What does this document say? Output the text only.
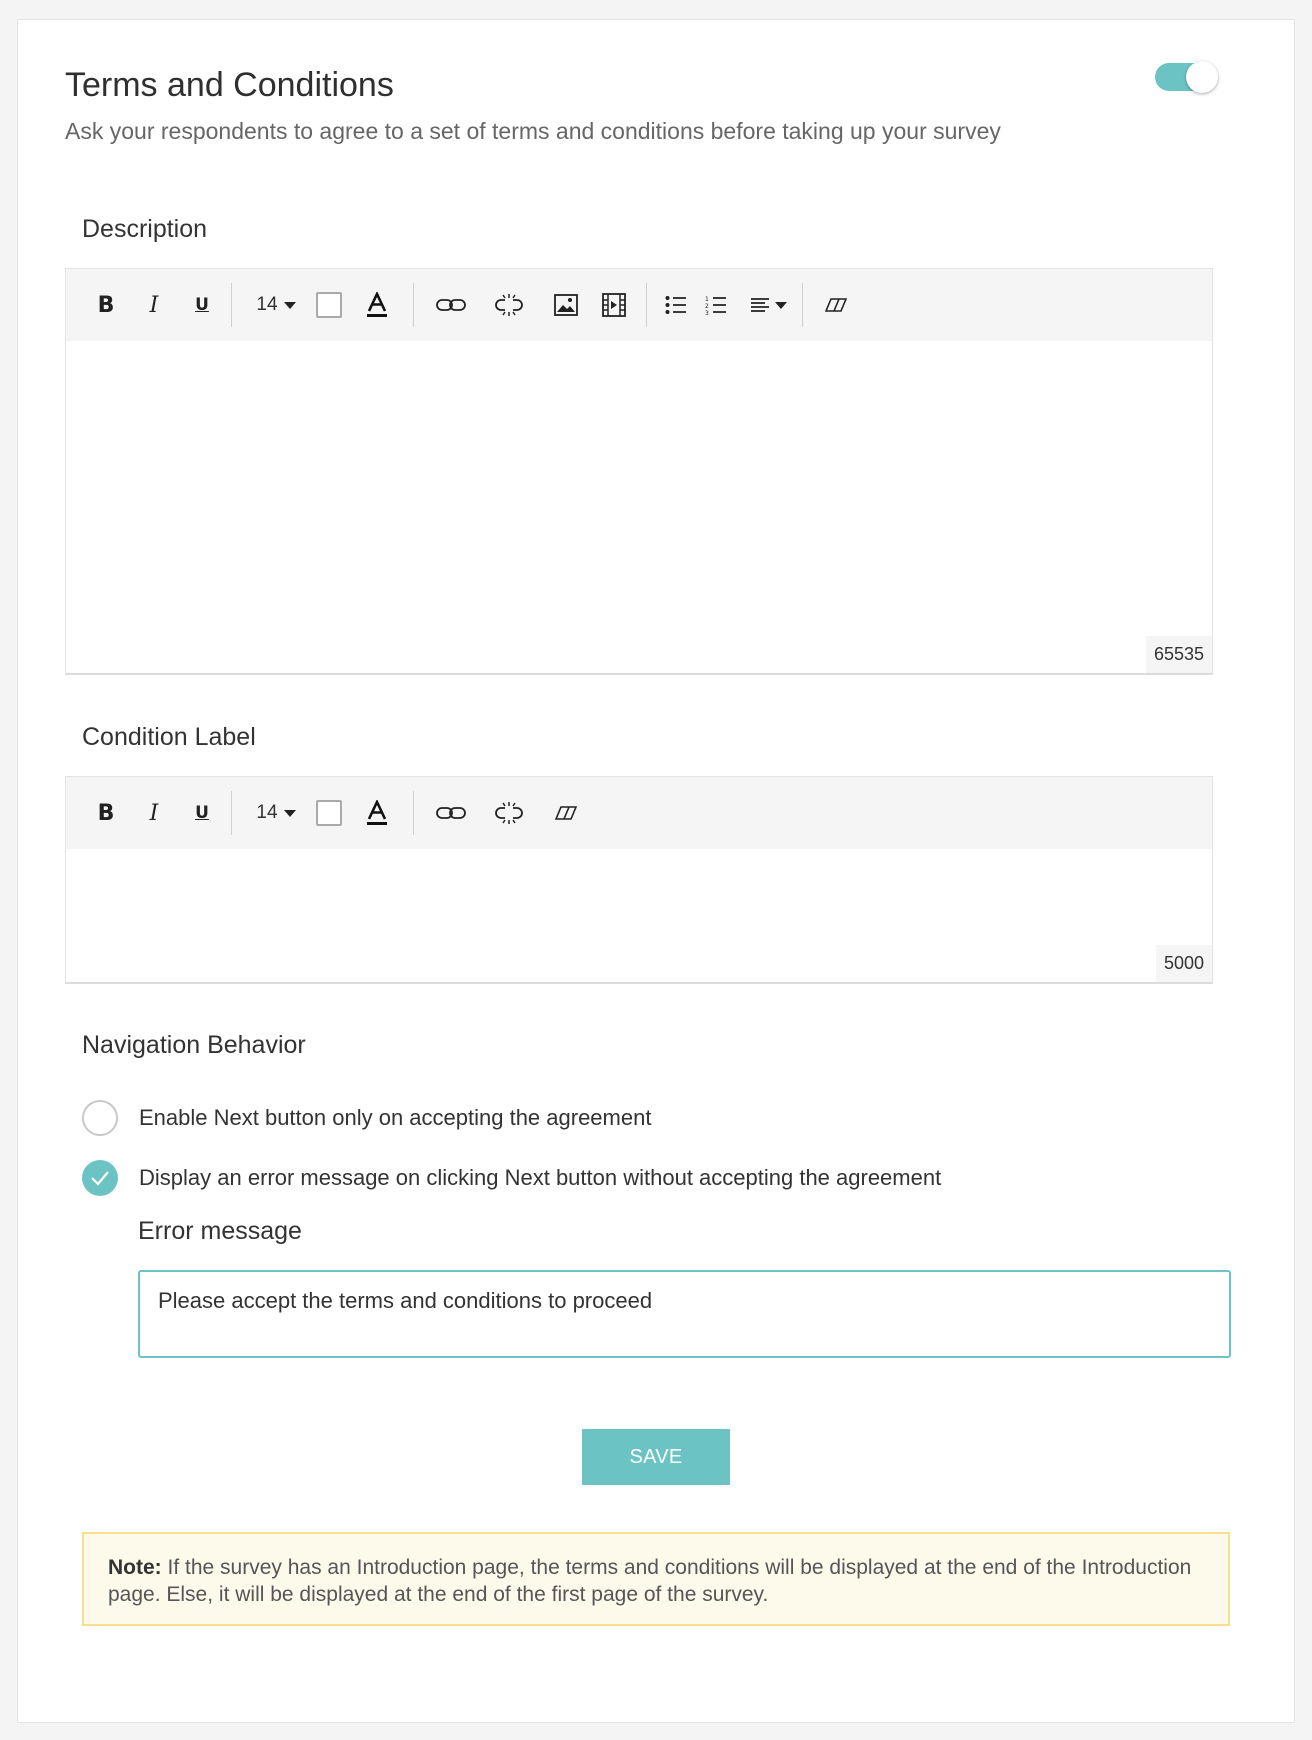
Terms and Conditions
Ask your respondents to agree to a set of terms and conditions before taking up your survey
Description
B	I	U	14	1
2
3
65535
Condition Label
B	I	U	14
5000
Navigation Behavior
Enable Next button only on accepting the agreement
Display an error message on clicking Next button without accepting the agreement
Error message
Please accept the terms and conditions to proceed
SAVE
Note: If the survey has an Introduction page, the terms and conditions will be displayed at the end of the Introduction page. Else, it will be displayed at the end of the first page of the survey.
